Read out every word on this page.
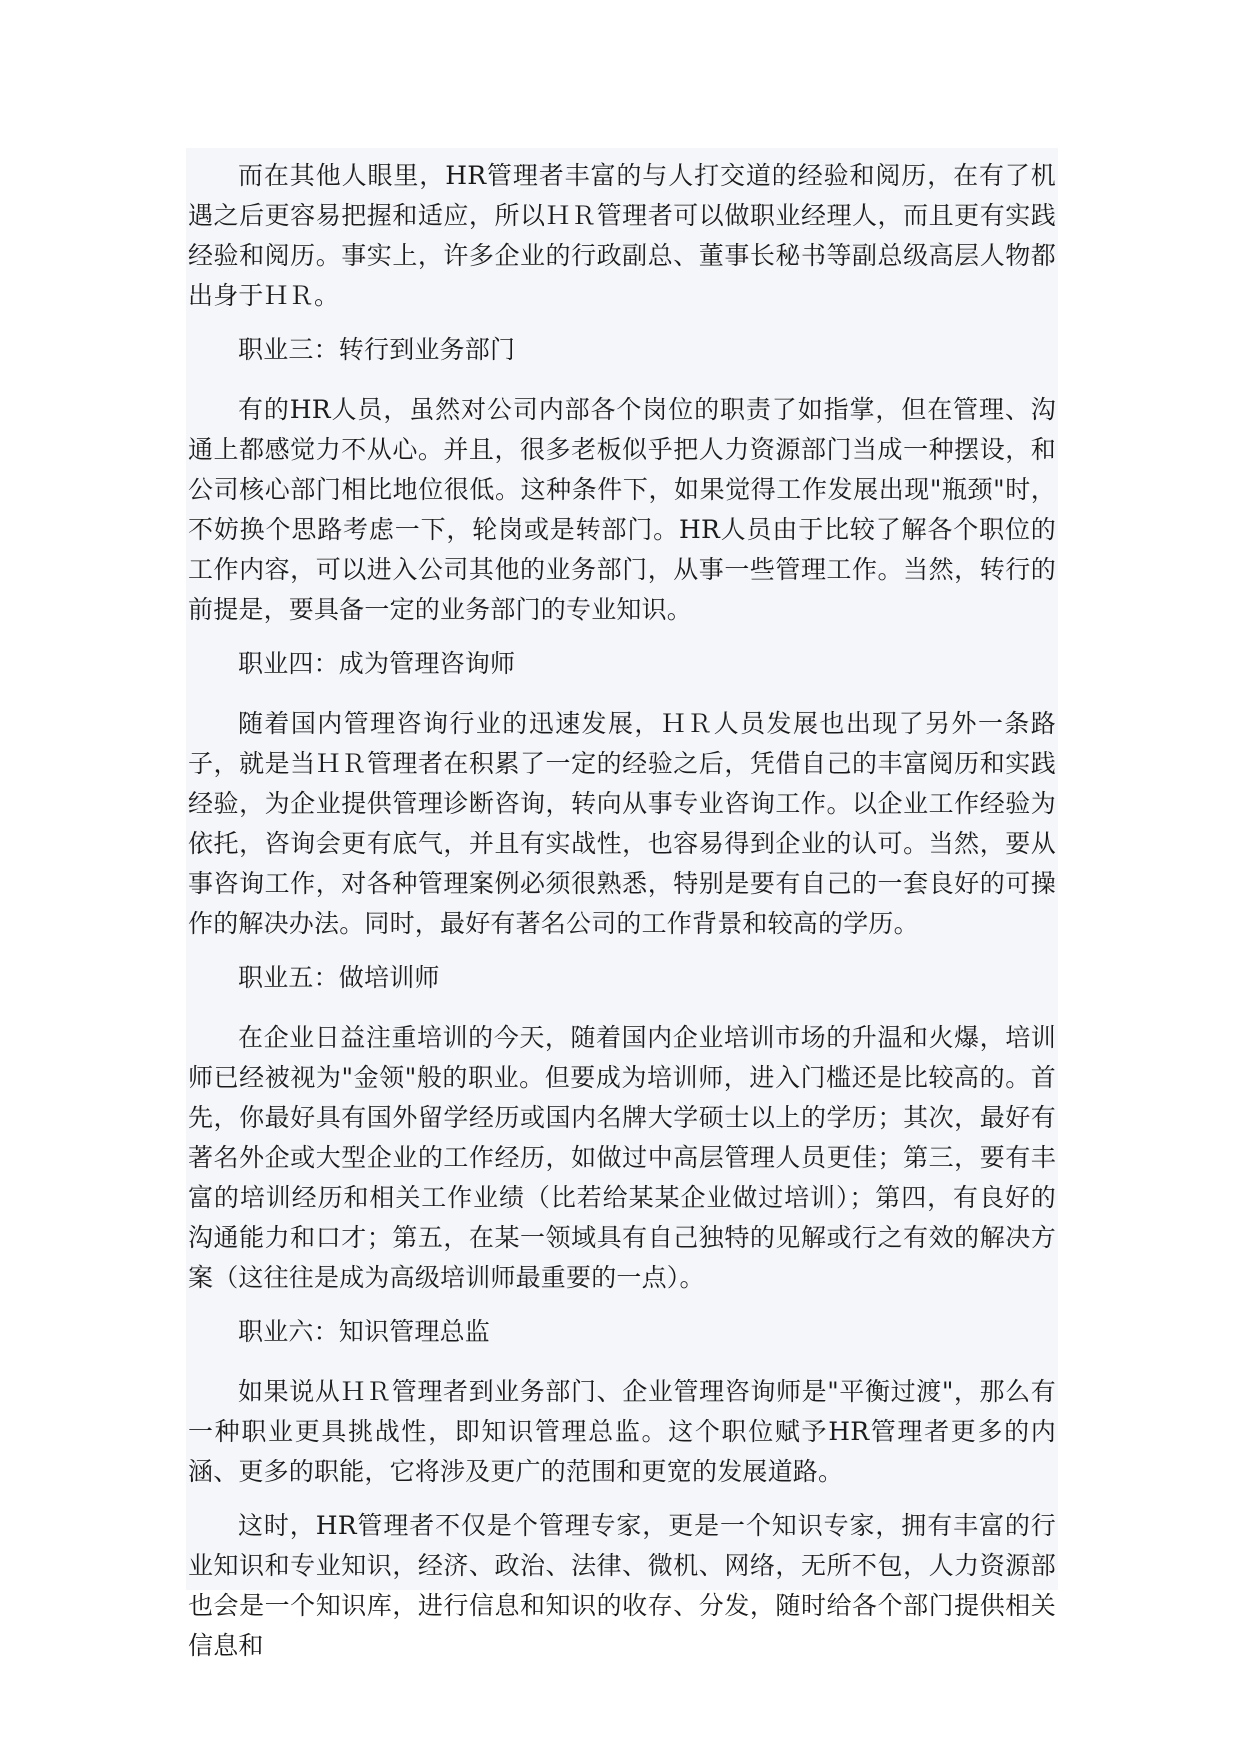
而在其他人眼里，HR管理者丰富的与人打交道的经验和阅历，在有了机遇之后更容易把握和适应，所以ＨＲ管理者可以做职业经理人，而且更有实践经验和阅历。事实上，许多企业的行政副总、董事长秘书等副总级高层人物都出身于ＨＲ。

职业三：转行到业务部门

有的HR人员，虽然对公司内部各个岗位的职责了如指掌，但在管理、沟通上都感觉力不从心。并且，很多老板似乎把人力资源部门当成一种摆设，和公司核心部门相比地位很低。这种条件下，如果觉得工作发展出现"瓶颈"时，不妨换个思路考虑一下，轮岗或是转部门。HR人员由于比较了解各个职位的工作内容，可以进入公司其他的业务部门，从事一些管理工作。当然，转行的前提是，要具备一定的业务部门的专业知识。

职业四：成为管理咨询师

随着国内管理咨询行业的迅速发展，ＨＲ人员发展也出现了另外一条路子，就是当ＨＲ管理者在积累了一定的经验之后，凭借自己的丰富阅历和实践经验，为企业提供管理诊断咨询，转向从事专业咨询工作。以企业工作经验为依托，咨询会更有底气，并且有实战性，也容易得到企业的认可。当然，要从事咨询工作，对各种管理案例必须很熟悉，特别是要有自己的一套良好的可操作的解决办法。同时，最好有著名公司的工作背景和较高的学历。

职业五：做培训师

在企业日益注重培训的今天，随着国内企业培训市场的升温和火爆，培训师已经被视为"金领"般的职业。但要成为培训师，进入门槛还是比较高的。首先，你最好具有国外留学经历或国内名牌大学硕士以上的学历；其次，最好有著名外企或大型企业的工作经历，如做过中高层管理人员更佳；第三，要有丰富的培训经历和相关工作业绩（比若给某某企业做过培训）；第四，有良好的沟通能力和口才；第五，在某一领域具有自己独特的见解或行之有效的解决方案（这往往是成为高级培训师最重要的一点）。

职业六：知识管理总监

如果说从ＨＲ管理者到业务部门、企业管理咨询师是"平衡过渡"，那么有一种职业更具挑战性，即知识管理总监。这个职位赋予HR管理者更多的内涵、更多的职能，它将涉及更广的范围和更宽的发展道路。

这时，HR管理者不仅是个管理专家，更是一个知识专家，拥有丰富的行业知识和专业知识，经济、政治、法律、微机、网络，无所不包，人力资源部也会是一个知识库，进行信息和知识的收存、分发，随时给各个部门提供相关信息和
